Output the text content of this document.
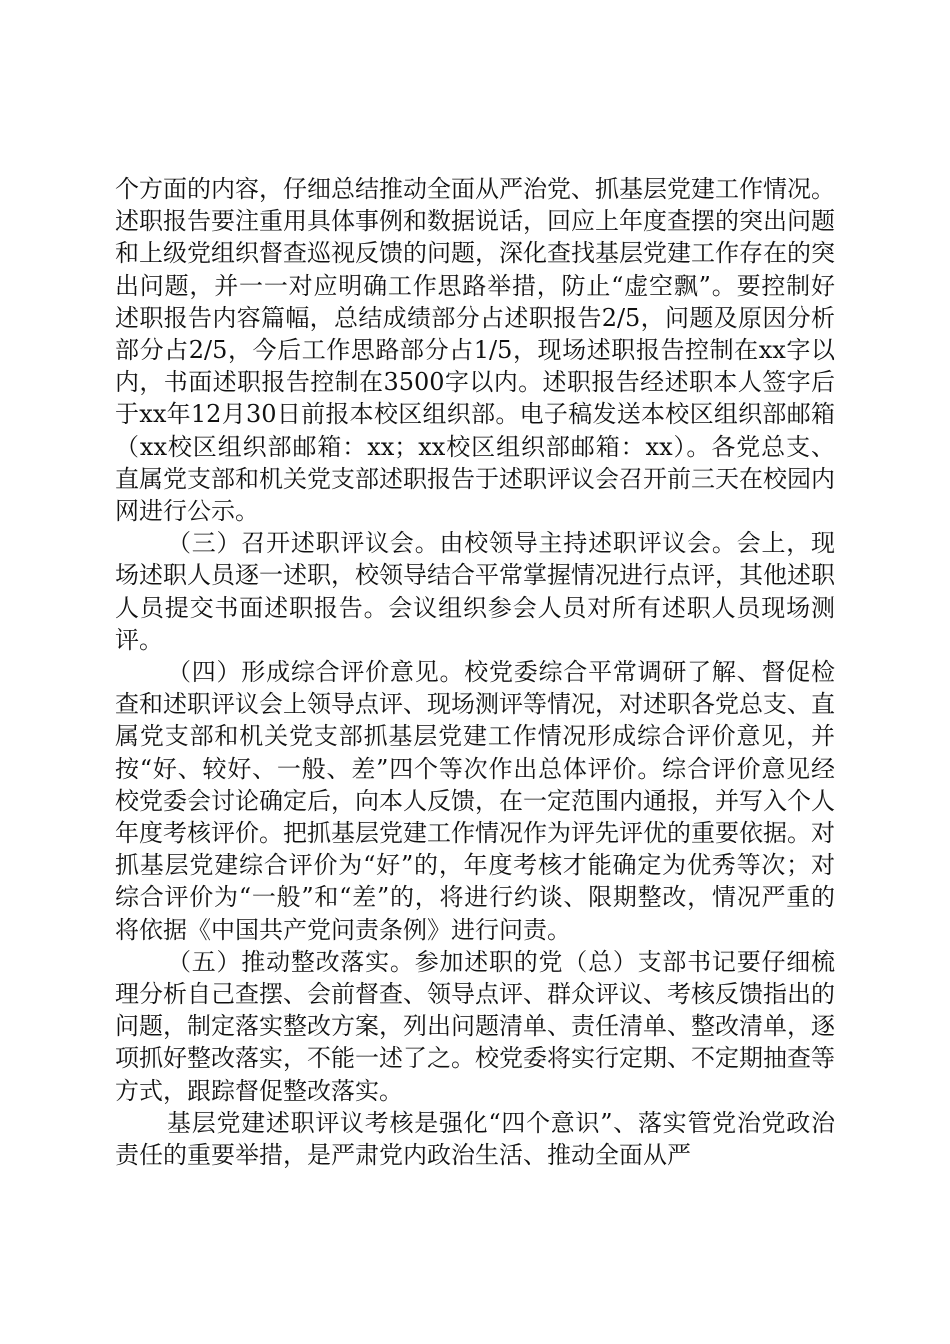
个方面的内容，仔细总结推动全面从严治党、抓基层党建工作情况。述职报告要注重用具体事例和数据说话，回应上年度查摆的突出问题和上级党组织督查巡视反馈的问题，深化查找基层党建工作存在的突出问题，并一一对应明确工作思路举措，防止“虚空飘”。要控制好述职报告内容篇幅，总结成绩部分占述职报告2/5，问题及原因分析部分占2/5，今后工作思路部分占1/5，现场述职报告控制在xx字以内，书面述职报告控制在3500字以内。述职报告经述职本人签字后于xx年12月30日前报本校区组织部。电子稿发送本校区组织部邮箱（xx校区组织部邮箱：xx；xx校区组织部邮箱：xx）。各党总支、直属党支部和机关党支部述职报告于述职评议会召开前三天在校园内网进行公示。

（三）召开述职评议会。由校领导主持述职评议会。会上，现场述职人员逐一述职，校领导结合平常掌握情况进行点评，其他述职人员提交书面述职报告。会议组织参会人员对所有述职人员现场测评。

（四）形成综合评价意见。校党委综合平常调研了解、督促检查和述职评议会上领导点评、现场测评等情况，对述职各党总支、直属党支部和机关党支部抓基层党建工作情况形成综合评价意见，并按“好、较好、一般、差”四个等次作出总体评价。综合评价意见经校党委会讨论确定后，向本人反馈，在一定范围内通报，并写入个人年度考核评价。把抓基层党建工作情况作为评先评优的重要依据。对抓基层党建综合评价为“好”的，年度考核才能确定为优秀等次；对综合评价为“一般”和“差”的，将进行约谈、限期整改，情况严重的将依据《中国共产党问责条例》进行问责。

（五）推动整改落实。参加述职的党（总）支部书记要仔细梳理分析自己查摆、会前督查、领导点评、群众评议、考核反馈指出的问题，制定落实整改方案，列出问题清单、责任清单、整改清单，逐项抓好整改落实，不能一述了之。校党委将实行定期、不定期抽查等方式，跟踪督促整改落实。

基层党建述职评议考核是强化“四个意识”、落实管党治党政治责任的重要举措，是严肃党内政治生活、推动全面从严
